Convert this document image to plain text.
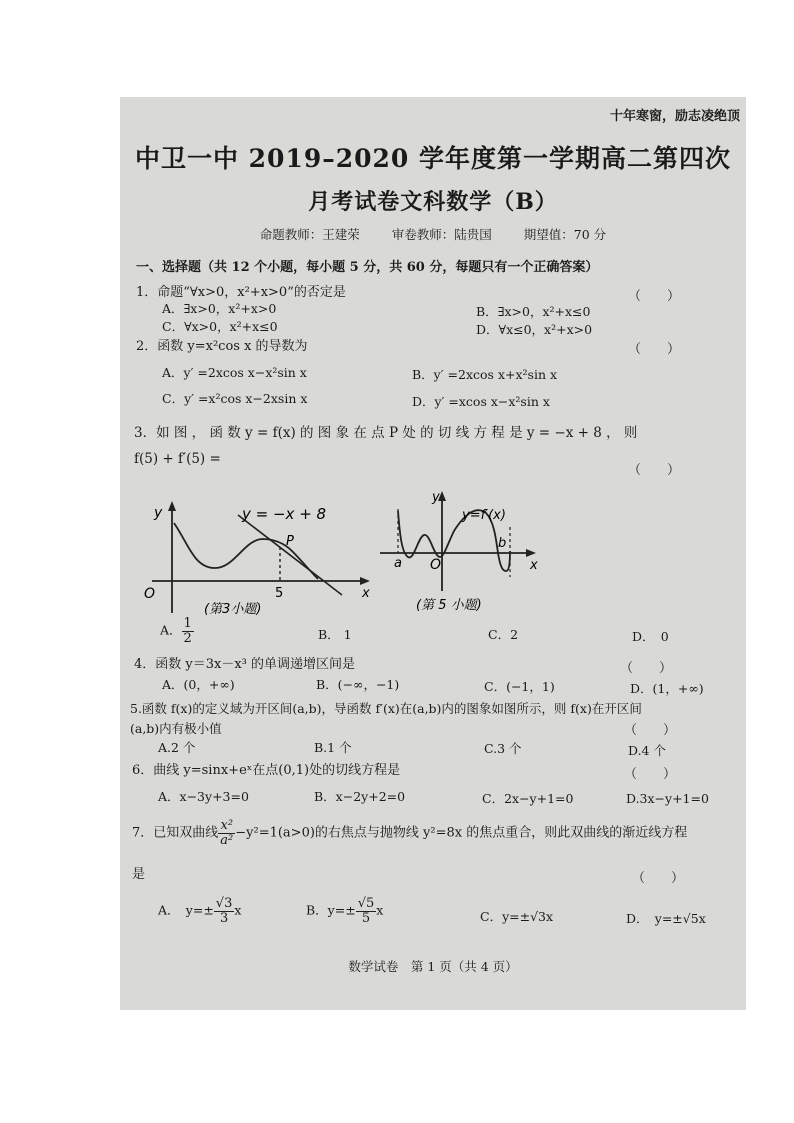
十年寒窗，励志凌绝顶
中卫一中 2019–2020 学年度第一学期高二第四次
月考试卷文科数学（B）
命题教师：王建荣	审卷教师：陆贵国	期望值：70 分
一、选择题（共 12 个小题，每小题 5 分，共 60 分，每题只有一个正确答案）
1．命题“∀x>0，x²+x>0”的否定是	（　　）
A．∃x>0，x²+x>0	B．∃x>0，x²+x≤0
C．∀x>0，x²+x≤0	D．∀x≤0，x²+x>0
2．函数 y=x²cos x 的导数为	（　　）
A．y′ =2xcos x−x²sin x	B．y′ =2xcos x+x²sin x
C．y′ =x²cos x−2xsin x	D．y′ =xcos x−x²sin x
3．如 图 ， 函 数 y = f(x) 的 图 象 在 点 P 处 的 切 线 方 程 是 y = −x + 8 ， 则
f(5) + f′(5) =
（　　）
y
x
O
y = −x + 8
P
5
(第3小题)
y
x
O
y=f′(x)
a
b
(第 5 小题)
A． $\frac{1}{2}$	B． 1	C．2	D．　0
4．函数 y＝3x－x³ 的单调递增区间是	（　　）
A．(0，+∞)	B．(−∞，−1)	C．(−1，1)	D．(1，+∞)
5.函数 f(x)的定义域为开区间(a,b)，导函数 f′(x)在(a,b)内的图象如图所示，则 f(x)在开区间
(a,b)内有极小值	（　　）
A.2 个	B.1 个	C.3 个	D.4 个
6．曲线 y=sinx+eˣ在点(0,1)处的切线方程是	（　　）
A．x−3y+3=0	B．x−2y+2=0	C．2x−y+1=0	D.3x−y+1=0
7．已知双曲线 $\frac{\text{x²}}{\text{a²}} -y^2=1(a>0)$的右焦点与抛物线 y²=8x 的焦点重合，则此双曲线的渐近线方程
是	（　　）
A．　$y=\pm \frac{√3}{3}$ x	B．$y=\pm \frac{√5}{5}$ x	C．y=±√3x	D．　y=±√5x
数学试卷　第 1 页（共 4 页）
